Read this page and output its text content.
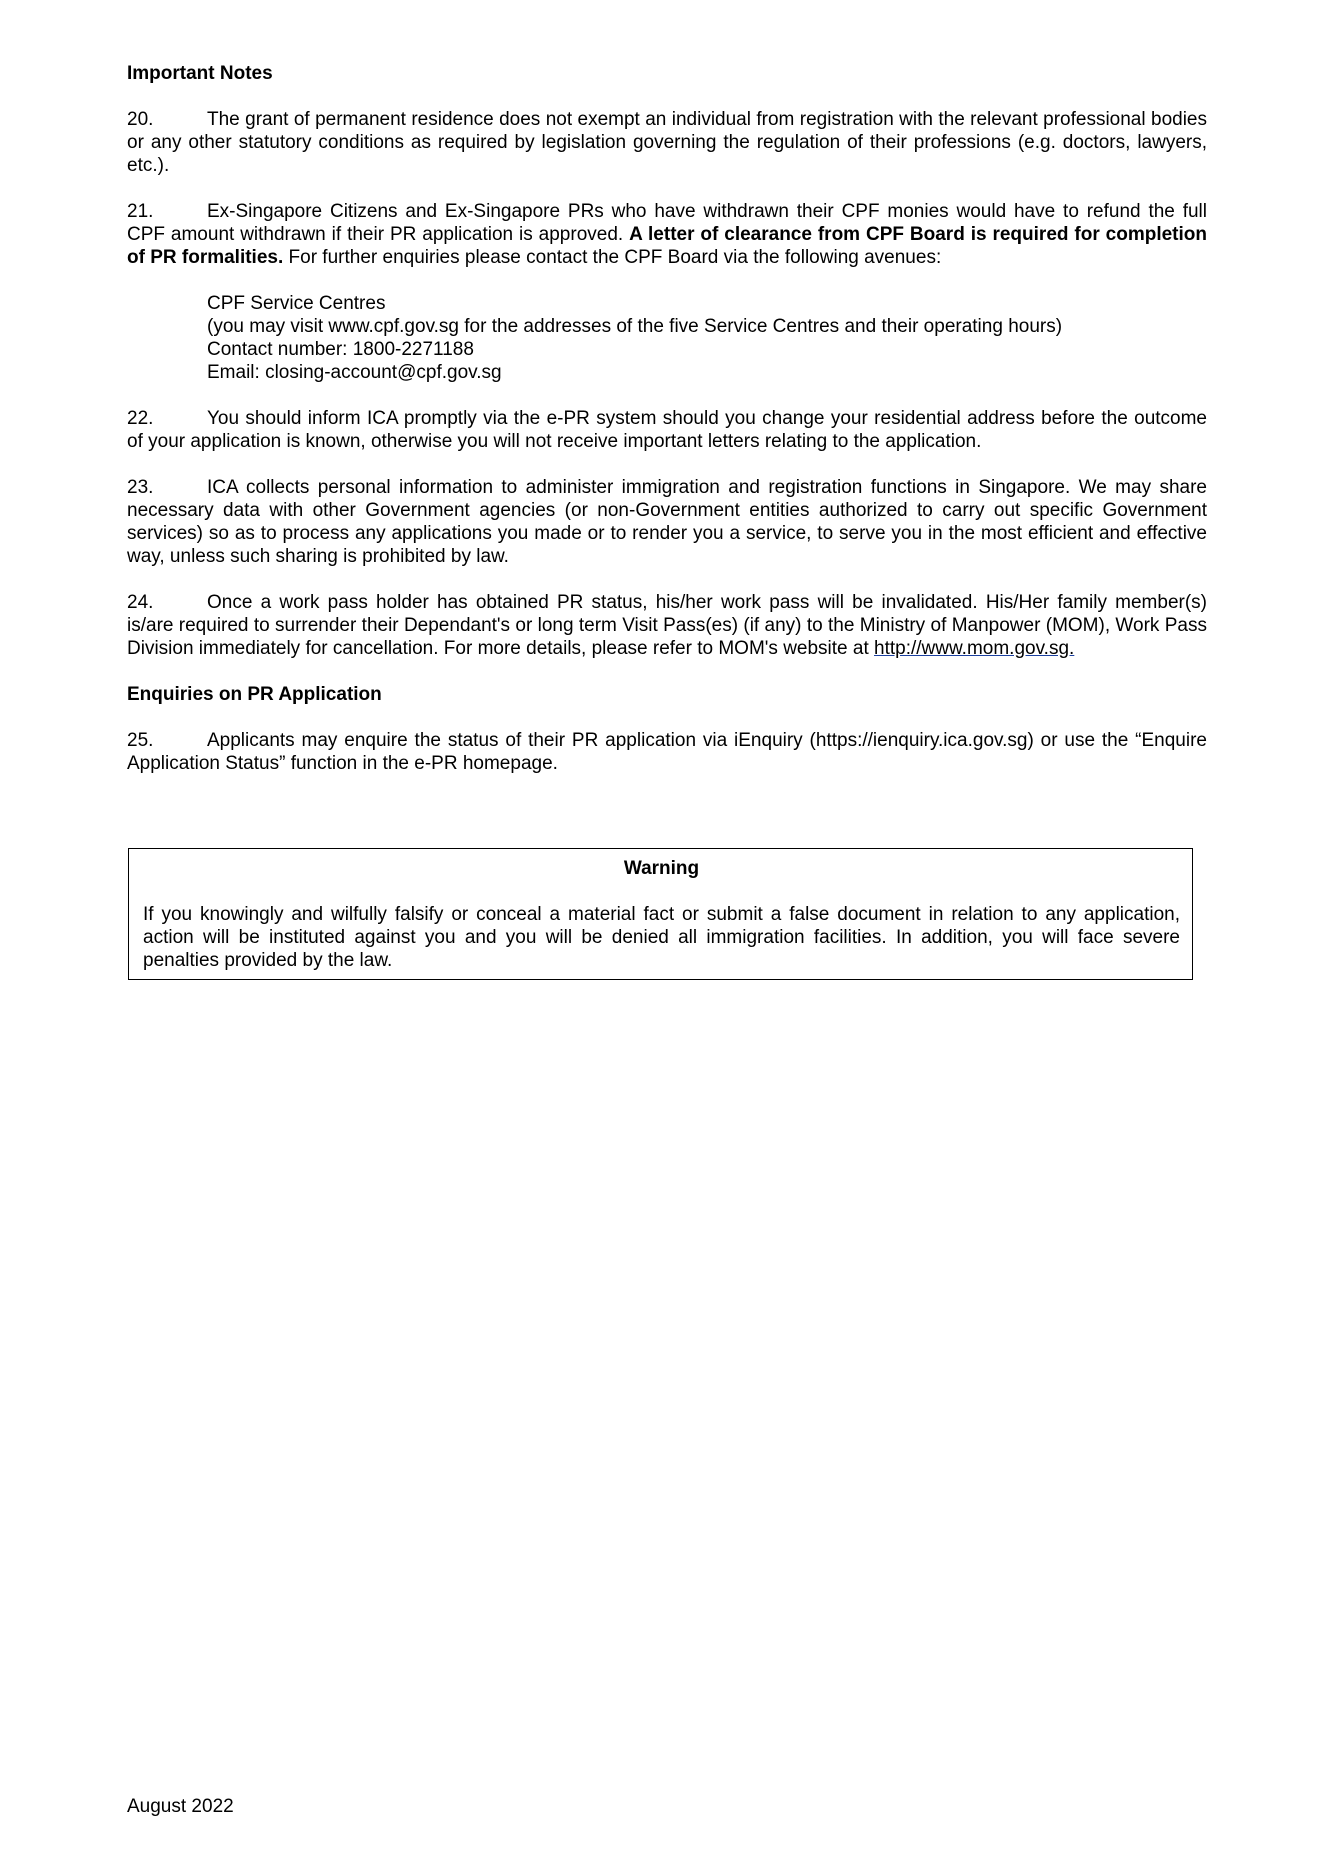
Important Notes

20.	The grant of permanent residence does not exempt an individual from registration with the relevant professional bodies or any other statutory conditions as required by legislation governing the regulation of their professions (e.g. doctors, lawyers, etc.).

21.	Ex-Singapore Citizens and Ex-Singapore PRs who have withdrawn their CPF monies would have to refund the full CPF amount withdrawn if their PR application is approved. A letter of clearance from CPF Board is required for completion of PR formalities. For further enquiries please contact the CPF Board via the following avenues:

CPF Service Centres
(you may visit www.cpf.gov.sg for the addresses of the five Service Centres and their operating hours)
Contact number: 1800-2271188
Email: closing-account@cpf.gov.sg

22.	You should inform ICA promptly via the e-PR system should you change your residential address before the outcome of your application is known, otherwise you will not receive important letters relating to the application.

23.	ICA collects personal information to administer immigration and registration functions in Singapore. We may share necessary data with other Government agencies (or non-Government entities authorized to carry out specific Government services) so as to process any applications you made or to render you a service, to serve you in the most efficient and effective way, unless such sharing is prohibited by law.

24.	Once a work pass holder has obtained PR status, his/her work pass will be invalidated. His/Her family member(s) is/are required to surrender their Dependant's or long term Visit Pass(es) (if any) to the Ministry of Manpower (MOM), Work Pass Division immediately for cancellation. For more details, please refer to MOM's website at http://www.mom.gov.sg.

Enquiries on PR Application

25.	Applicants may enquire the status of their PR application via iEnquiry (https://ienquiry.ica.gov.sg) or use the “Enquire Application Status” function in the e-PR homepage.

Warning

If you knowingly and wilfully falsify or conceal a material fact or submit a false document in relation to any application, action will be instituted against you and you will be denied all immigration facilities. In addition, you will face severe penalties provided by the law.

August 2022
